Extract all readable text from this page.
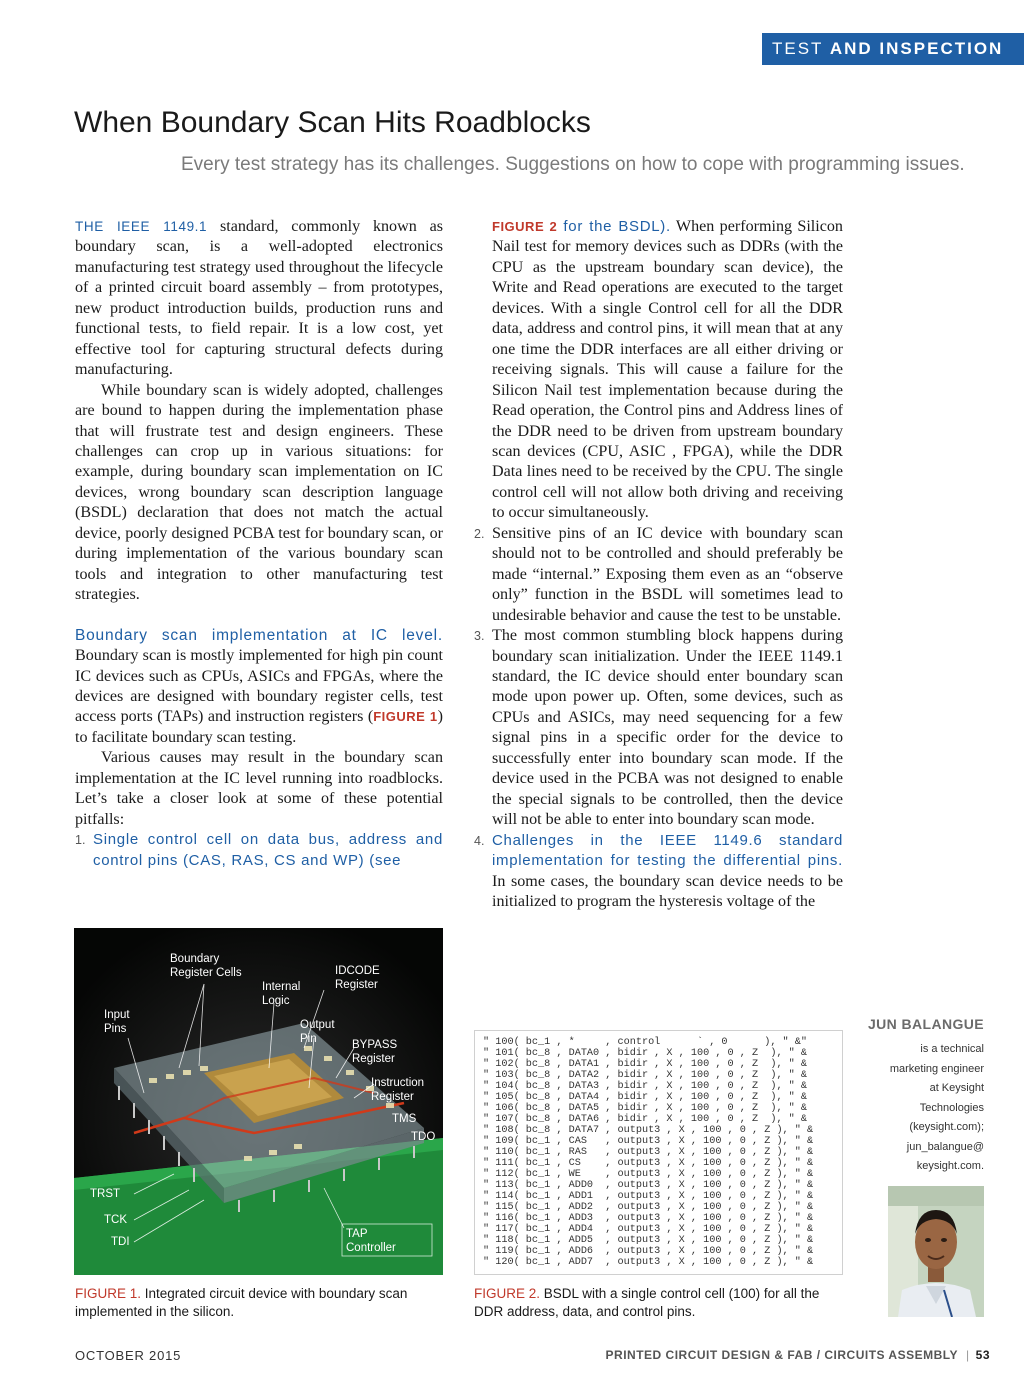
TEST AND INSPECTION
When Boundary Scan Hits Roadblocks
Every test strategy has its challenges. Suggestions on how to cope with programming issues.

THE IEEE 1149.1 standard, commonly known as boundary scan, is a well-adopted electronics manufacturing test strategy used throughout the lifecycle of a printed circuit board assembly – from prototypes, new product introduction builds, production runs and functional tests, to field repair. It is a low cost, yet effective tool for capturing structural defects during manufacturing.

While boundary scan is widely adopted, challenges are bound to happen during the implementation phase that will frustrate test and design engineers. These challenges can crop up in various situations: for example, during boundary scan implementation on IC devices, wrong boundary scan description language (BSDL) declaration that does not match the actual device, poorly designed PCBA test for boundary scan, or during implementation of the various boundary scan tools and integration to other manufacturing test strategies.

Boundary scan implementation at IC level. Boundary scan is mostly implemented for high pin count IC devices such as CPUs, ASICs and FPGAs, where the devices are designed with boundary register cells, test access ports (TAPs) and instruction registers (FIGURE 1) to facilitate boundary scan testing.

Various causes may result in the boundary scan implementation at the IC level running into roadblocks. Let’s take a closer look at some of these potential pitfalls:

1. Single control cell on data bus, address and control pins (CAS, RAS, CS and WP) (see
FIGURE 2 for the BSDL). When performing Silicon Nail test for memory devices such as DDRs (with the CPU as the upstream boundary scan device), the Write and Read operations are executed to the target devices. With a single Control cell for all the DDR data, address and control pins, it will mean that at any one time the DDR interfaces are all either driving or receiving signals. This will cause a failure for the Silicon Nail test implementation because during the Read operation, the Control pins and Address lines of the DDR need to be driven from upstream boundary scan devices (CPU, ASIC , FPGA), while the DDR Data lines need to be received by the CPU. The single control cell will not allow both driving and receiving to occur simultaneously.
2. Sensitive pins of an IC device with boundary scan should not to be controlled and should preferably be made “internal.” Exposing them even as an “observe only” function in the BSDL will sometimes lead to undesirable behavior and cause the test to be unstable.
3. The most common stumbling block happens during boundary scan initialization. Under the IEEE 1149.1 standard, the IC device should enter boundary scan mode upon power up. Often, some devices, such as CPUs and ASICs, may need sequencing for a few signal pins in a specific order for the device to successfully enter into boundary scan mode. If the device used in the PCBA was not designed to enable the special signals to be controlled, then the device will not be able to enter into boundary scan mode.
4. Challenges in the IEEE 1149.6 standard implementation for testing the differential pins. In some cases, the boundary scan device needs to be initialized to program the hysteresis voltage of the
Boundary
Register Cells
Internal
Logic
IDCODE
Register
Input
Pins	Output
Pin	BYPASS
Register
Instruction
Register
TMS
TDO
TRST
TCK
TDI
TAP
Controller
FIGURE 1. Integrated circuit device with boundary scan implemented in the silicon.
" 100( bc_1 , *     , control      ` , 0      ), " &"
" 101( bc_8 , DATA0 , bidir , X , 100 , 0 , Z  ), " &
" 102( bc_8 , DATA1 , bidir , X , 100 , 0 , Z  ), " &
" 103( bc_8 , DATA2 , bidir , X , 100 , 0 , Z  ), " &
" 104( bc_8 , DATA3 , bidir , X , 100 , 0 , Z  ), " &
" 105( bc_8 , DATA4 , bidir , X , 100 , 0 , Z  ), " &
" 106( bc_8 , DATA5 , bidir , X , 100 , 0 , Z  ), " &
" 107( bc_8 , DATA6 , bidir , X , 100 , 0 , Z  ), " &
" 108( bc_8 , DATA7 , output3 , X , 100 , 0 , Z ), " &
" 109( bc_1 , CAS   , output3 , X , 100 , 0 , Z ), " &
" 110( bc_1 , RAS   , output3 , X , 100 , 0 , Z ), " &
" 111( bc_1 , CS    , output3 , X , 100 , 0 , Z ), " &
" 112( bc_1 , WE    , output3 , X , 100 , 0 , Z ), " &
" 113( bc_1 , ADD0  , output3 , X , 100 , 0 , Z ), " &
" 114( bc_1 , ADD1  , output3 , X , 100 , 0 , Z ), " &
" 115( bc_1 , ADD2  , output3 , X , 100 , 0 , Z ), " &
" 116( bc_1 , ADD3  , output3 , X , 100 , 0 , Z ), " &
" 117( bc_1 , ADD4  , output3 , X , 100 , 0 , Z ), " &
" 118( bc_1 , ADD5  , output3 , X , 100 , 0 , Z ), " &
" 119( bc_1 , ADD6  , output3 , X , 100 , 0 , Z ), " &
" 120( bc_1 , ADD7  , output3 , X , 100 , 0 , Z ), " &
FIGURE 2. BSDL with a single control cell (100) for all the DDR address, data, and control pins.
JUN BALANGUE
is a technical
marketing engineer
at Keysight
Technologies
(keysight.com);
jun_balangue@
keysight.com.
OCTOBER 2015	PRINTED CIRCUIT DESIGN & FAB / CIRCUITS ASSEMBLY | 53
